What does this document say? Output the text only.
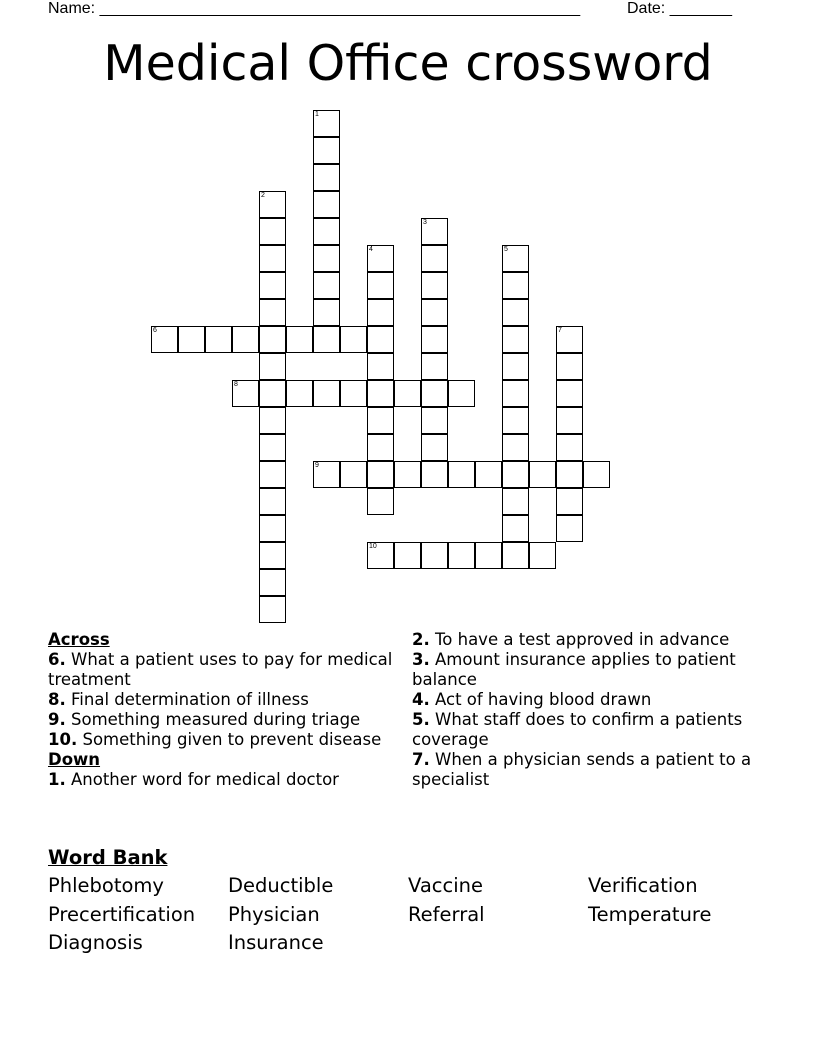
Name: ______________________________________________________	Date: _______
Medical Office crossword
1
2
3
4	5
6	7
8
9
10
Across
6. What a patient uses to pay for medical treatment
8. Final determination of illness
9. Something measured during triage
10. Something given to prevent disease
Down
1. Another word for medical doctor
2. To have a test approved in advance
3. Amount insurance applies to patient balance
4. Act of having blood drawn
5. What staff does to confirm a patients coverage
7. When a physician sends a patient to a specialist
Word Bank
Phlebotomy	Deductible	Vaccine	Verification
Precertification Physician	Referral	Temperature
Diagnosis	Insurance
